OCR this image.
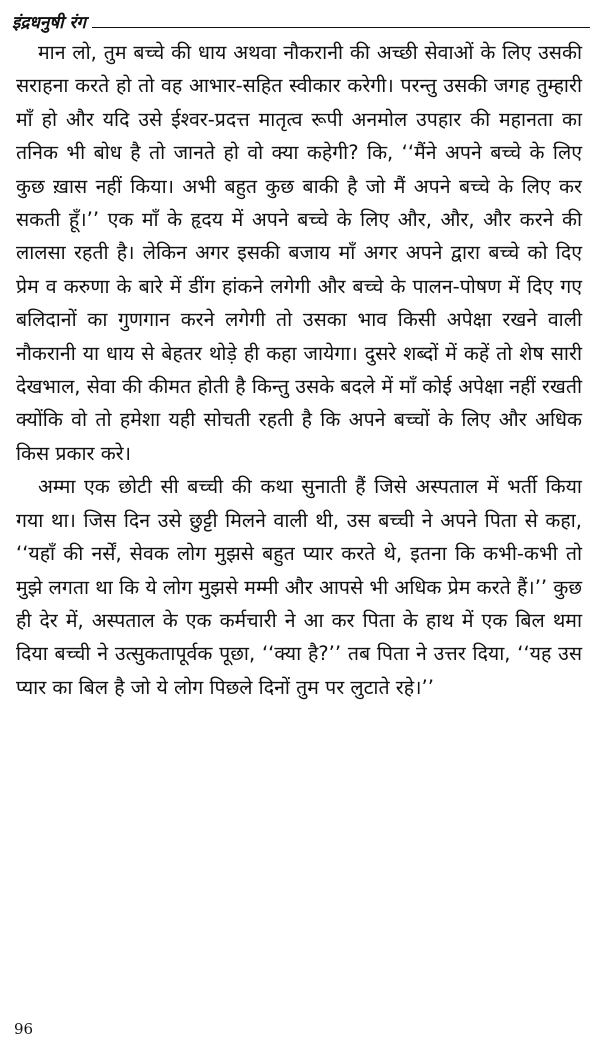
इंद्रधनुषी रंग

मान लो, तुम बच्चे की धाय अथवा नौकरानी की अच्छी सेवाओं के लिए उसकी सराहना करते हो तो वह आभार-सहित स्वीकार करेगी। परन्तु उसकी जगह तुम्हारी माँ हो और यदि उसे ईश्वर-प्रदत्त मातृत्व रूपी अनमोल उपहार की महानता का तनिक भी बोध है तो जानते हो वो क्या कहेगी? कि, ‘‘मैंने अपने बच्चे के लिए कुछ ख़ास नहीं किया। अभी बहुत कुछ बाकी है जो मैं अपने बच्चे के लिए कर सकती हूँ।’’ एक माँ के हृदय में अपने बच्चे के लिए और, और, और करने की लालसा रहती है। लेकिन अगर इसकी बजाय माँ अगर अपने द्वारा बच्चे को दिए प्रेम व करुणा के बारे में डींग हांकने लगेगी और बच्चे के पालन-पोषण में दिए गए बलिदानों का गुणगान करने लगेगी तो उसका भाव किसी अपेक्षा रखने वाली नौकरानी या धाय से बेहतर थोड़े ही कहा जायेगा। दुसरे शब्दों में कहें तो शेष सारी देखभाल, सेवा की कीमत होती है किन्तु उसके बदले में माँ कोई अपेक्षा नहीं रखती क्योंकि वो तो हमेशा यही सोचती रहती है कि अपने बच्चों के लिए और अधिक किस प्रकार करे।

अम्मा एक छोटी सी बच्ची की कथा सुनाती हैं जिसे अस्पताल में भर्ती किया गया था। जिस दिन उसे छुट्टी मिलने वाली थी, उस बच्ची ने अपने पिता से कहा, ‘‘यहाँ की नर्सें, सेवक लोग मुझसे बहुत प्यार करते थे, इतना कि कभी-कभी तो मुझे लगता था कि ये लोग मुझसे मम्मी और आपसे भी अधिक प्रेम करते हैं।’’ कुछ ही देर में, अस्पताल के एक कर्मचारी ने आ कर पिता के हाथ में एक बिल थमा दिया बच्ची ने उत्सुकतापूर्वक पूछा, ‘‘क्या है?’’ तब पिता ने उत्तर दिया, ‘‘यह उस प्यार का बिल है जो ये लोग पिछले दिनों तुम पर लुटाते रहे।’’

96
